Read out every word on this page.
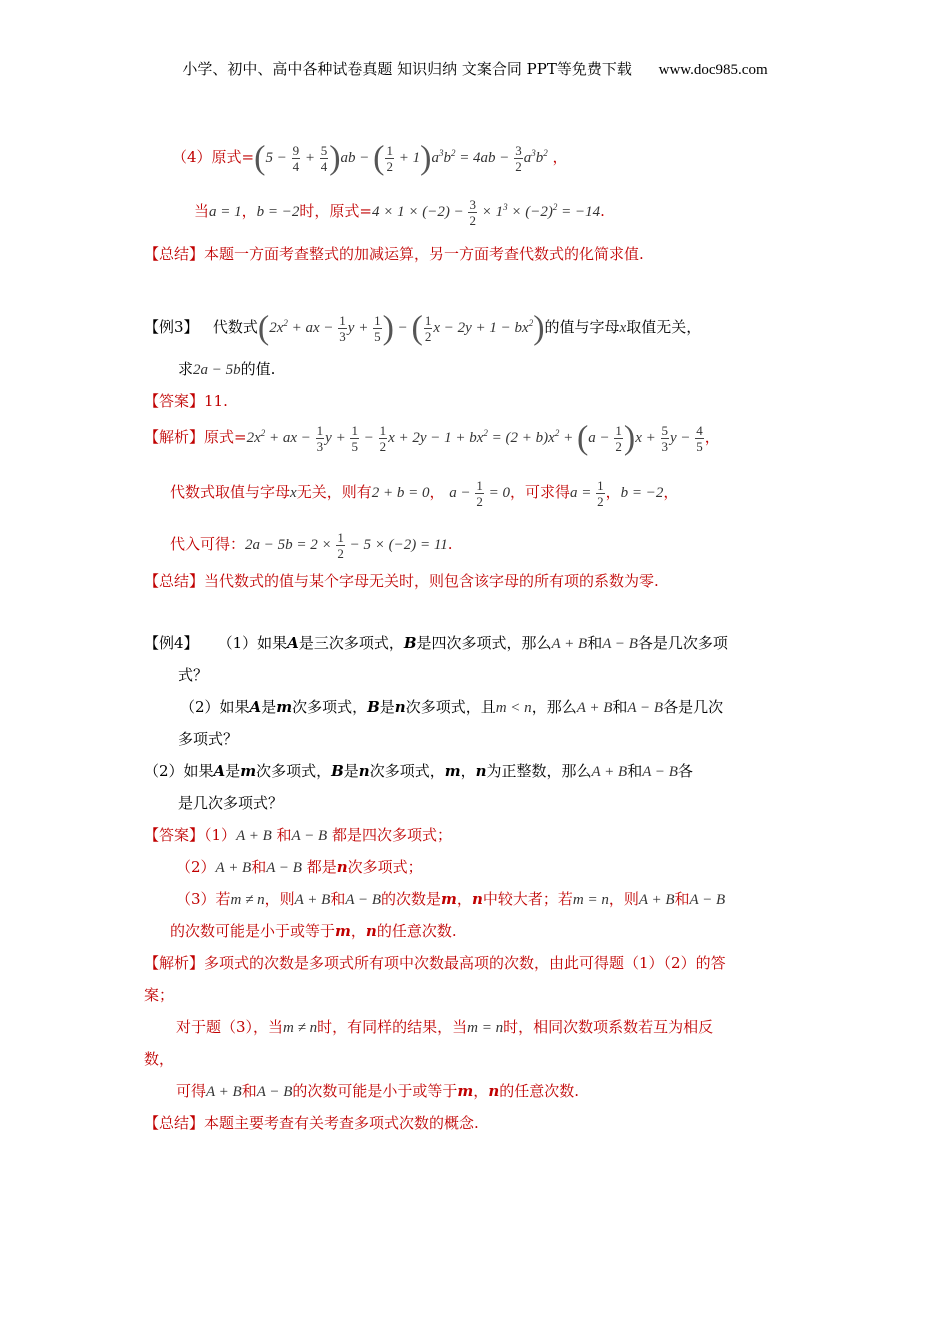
小学、初中、高中各种试卷真题 知识归纳 文案合同 PPT等免费下载 www.doc985.com
（4）原式$=(5 - \frac{9}{4} + \frac{5}{4} )ab$ − ( $\frac{1}{2} + 1)a^3b^2 = 4ab - \frac{3}{2} a^3b^2$ ，
当a = 1，b = −2时，原式$=4 \times 1 \times (-2) - \frac{3}{2} \times 1^3 \times (-2)^2 = -14$.
【总结】本题一方面考查整式的加减运算，另一方面考查代数式的化简求值.
【例3】 代数式($2x^2$ + ax − $\frac{1}{3}$ $y + \frac{1}{5}$ ) − ( $\frac{1}{2}$ $x - 2y + 1 - bx^2$)的值与字母x取值无关，
求2a − 5b的值.
【答案】11.
【解析】原式$=2x^2$ + ax − $\frac{1}{3}$ $y + \frac{1}{5} - \frac{1}{2}$ $x + 2y - 1 + bx^2 = (2 + b)x^2 + (a - \frac{1}{2} )x + \frac{5}{3}$ $y - \frac{4}{5}$ ，
代数式取值与字母x无关，则有2 + b = 0， $a - \frac{1}{2} = 0$，可求得$a = \frac{1}{2}$ ，b = −2，
代入可得：$2a - 5b = 2 \times \frac{1}{2} - 5 \times (-2) = 11$.
【总结】当代数式的值与某个字母无关时，则包含该字母的所有项的系数为零.
【例4】 （1）如果A是三次多项式，B是四次多项式，那么A + B和A − B各是几次多项
式？
（2）如果A是m次多项式，B是n次多项式，且m < n，那么A + B和A − B各是几次
多项式？
（2）如果A是m次多项式，B是n次多项式，m，n为正整数，那么A + B和A − B各
是几次多项式？
【答案】（1）A + B 和A − B 都是四次多项式；
（2）A + B和A − B 都是n次多项式；
（3）若m ≠ n，则A + B和A − B的次数是m，n中较大者；若m = n，则A + B和A − B
的次数可能是小于或等于m，n的任意次数.
【解析】多项式的次数是多项式所有项中次数最高项的次数，由此可得题（1）（2）的答
案；
对于题（3），当m ≠ n时，有同样的结果，当m = n时，相同次数项系数若互为相反
数，
可得A + B和A − B的次数可能是小于或等于m，n的任意次数.
【总结】本题主要考查有关考查多项式次数的概念.
